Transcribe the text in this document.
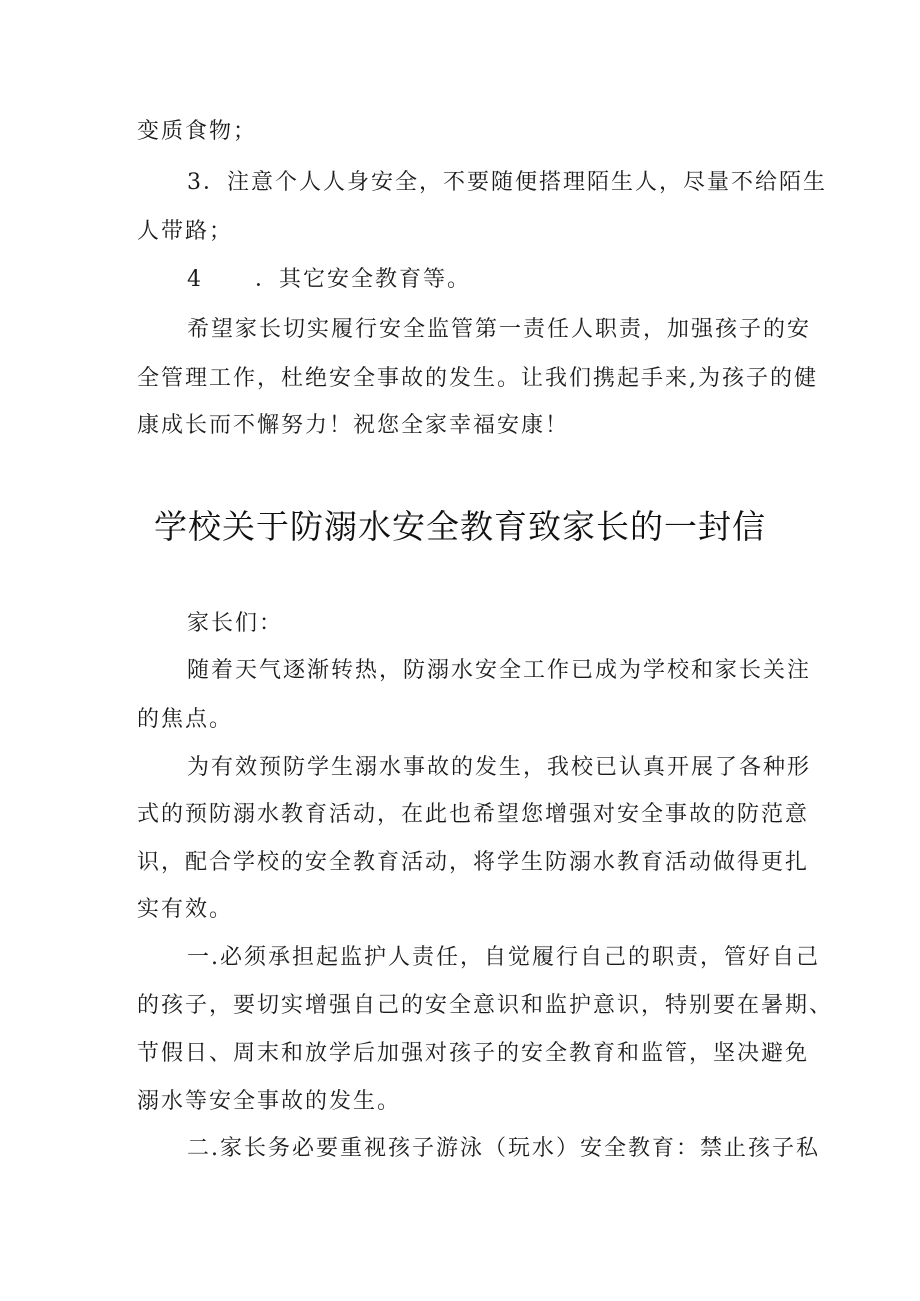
变质食物；
3．注意个人人身安全，不要随便搭理陌生人，尽量不给陌生
人带路；
4 ．其它安全教育等。
希望家长切实履行安全监管第一责任人职责，加强孩子的安
全管理工作，杜绝安全事故的发生。让我们携起手来,为孩子的健
康成长而不懈努力！祝您全家幸福安康！
学校关于防溺水安全教育致家长的一封信
家长们：
随着天气逐渐转热，防溺水安全工作已成为学校和家长关注
的焦点。
为有效预防学生溺水事故的发生，我校已认真开展了各种形
式的预防溺水教育活动，在此也希望您增强对安全事故的防范意
识，配合学校的安全教育活动，将学生防溺水教育活动做得更扎
实有效。
一.必须承担起监护人责任，自觉履行自己的职责，管好自己
的孩子，要切实增强自己的安全意识和监护意识，特别要在暑期、
节假日、周末和放学后加强对孩子的安全教育和监管，坚决避免
溺水等安全事故的发生。
二.家长务必要重视孩子游泳（玩水）安全教育：禁止孩子私
